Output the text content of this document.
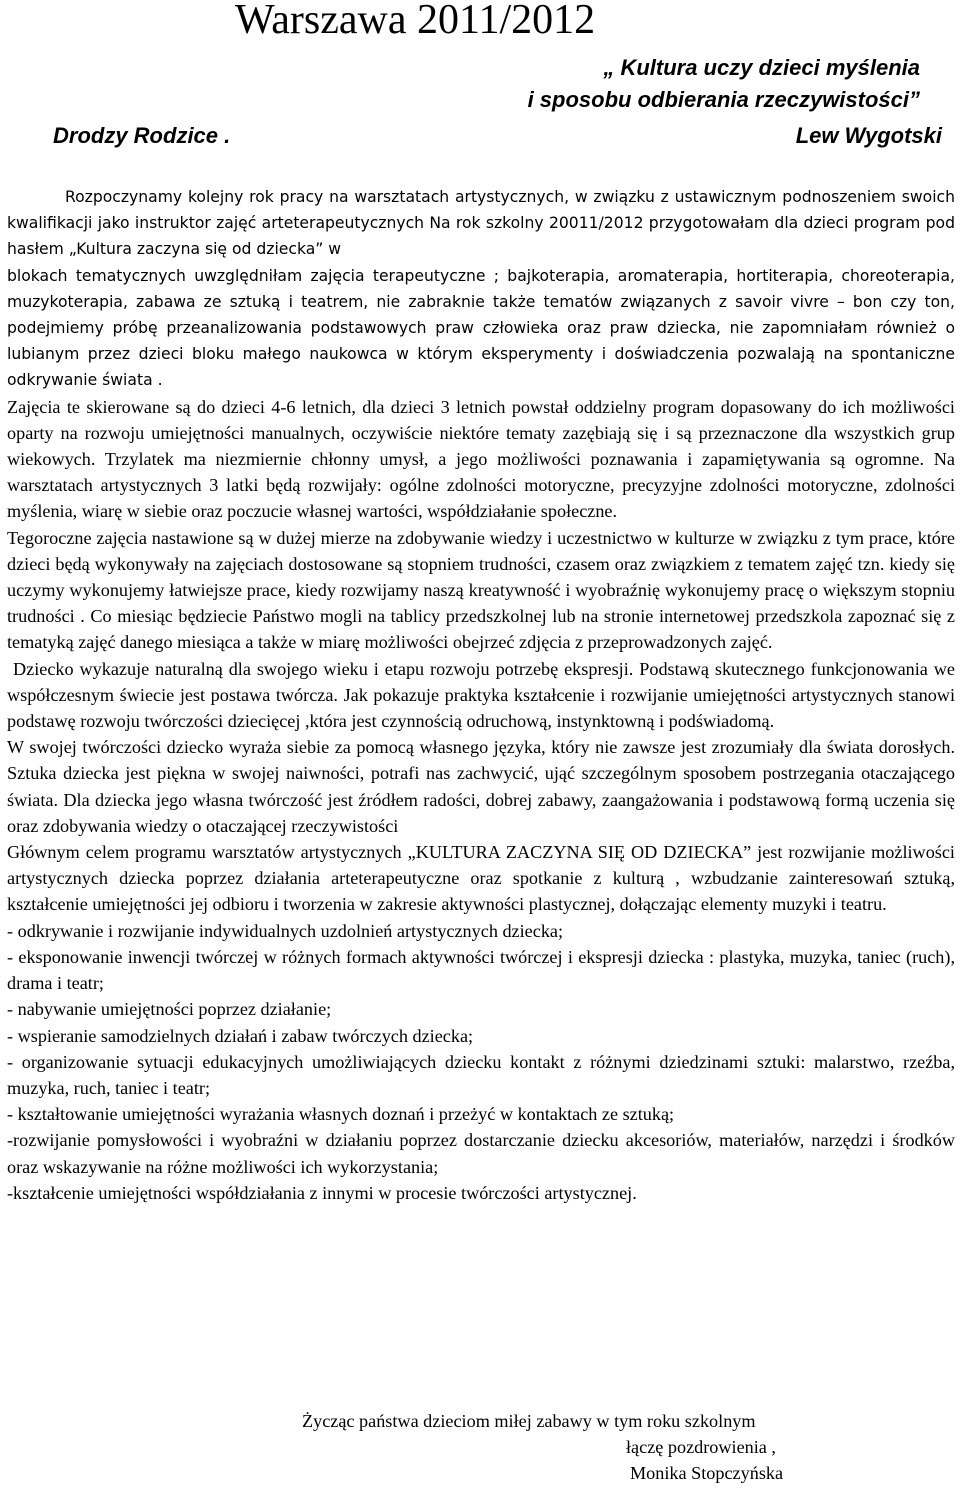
Warszawa 2011/2012
„ Kultura uczy dzieci myślenia
i sposobu odbierania rzeczywistości”
Drodzy Rodzice .	Lew Wygotski

Rozpoczynamy kolejny rok pracy na warsztatach artystycznych, w związku z ustawicznym podnoszeniem swoich kwalifikacji jako instruktor zajęć arteterapeutycznych Na rok szkolny 20011/2012 przygotowałam dla dzieci program pod hasłem „Kultura zaczyna się od dziecka” w

blokach tematycznych uwzględniłam zajęcia terapeutyczne ; bajkoterapia, aromaterapia, hortiterapia, choreoterapia, muzykoterapia, zabawa ze sztuką i teatrem, nie zabraknie także tematów związanych z savoir vivre – bon czy ton, podejmiemy próbę przeanalizowania podstawowych praw człowieka oraz praw dziecka, nie zapomniałam również o lubianym przez dzieci bloku małego naukowca w którym eksperymenty i doświadczenia pozwalają na spontaniczne odkrywanie świata .

Zajęcia te skierowane są do dzieci 4-6 letnich, dla dzieci 3 letnich powstał oddzielny program dopasowany do ich możliwości oparty na rozwoju umiejętności manualnych, oczywiście niektóre tematy zazębiają się i są przeznaczone dla wszystkich grup wiekowych. Trzylatek ma niezmiernie chłonny umysł, a jego możliwości poznawania i zapamiętywania są ogromne. Na warsztatach artystycznych 3 latki będą rozwijały: ogólne zdolności motoryczne, precyzyjne zdolności motoryczne, zdolności myślenia, wiarę w siebie oraz poczucie własnej wartości, współdziałanie społeczne.

Tegoroczne zajęcia nastawione są w dużej mierze na zdobywanie wiedzy i uczestnictwo w kulturze w związku z tym prace, które dzieci będą wykonywały na zajęciach dostosowane są stopniem trudności, czasem oraz związkiem z tematem zajęć tzn. kiedy się uczymy wykonujemy łatwiejsze prace, kiedy rozwijamy naszą kreatywność i wyobraźnię wykonujemy pracę o większym stopniu trudności . Co miesiąc będziecie Państwo mogli na tablicy przedszkolnej lub na stronie internetowej przedszkola zapoznać się z tematyką zajęć danego miesiąca a także w miarę możliwości obejrzeć zdjęcia z przeprowadzonych zajęć.

Dziecko wykazuje naturalną dla swojego wieku i etapu rozwoju potrzebę ekspresji. Podstawą skutecznego funkcjonowania we współczesnym świecie jest postawa twórcza. Jak pokazuje praktyka kształcenie i rozwijanie umiejętności artystycznych stanowi podstawę rozwoju twórczości dziecięcej ,która jest czynnością odruchową, instynktowną i podświadomą.

W swojej twórczości dziecko wyraża siebie za pomocą własnego języka, który nie zawsze jest zrozumiały dla świata dorosłych. Sztuka dziecka jest piękna w swojej naiwności, potrafi nas zachwycić, ująć szczególnym sposobem postrzegania otaczającego świata. Dla dziecka jego własna twórczość jest źródłem radości, dobrej zabawy, zaangażowania i podstawową formą uczenia się oraz zdobywania wiedzy o otaczającej rzeczywistości

Głównym celem programu warsztatów artystycznych „KULTURA ZACZYNA SIĘ OD DZIECKA” jest rozwijanie możliwości artystycznych dziecka poprzez działania arteterapeutyczne oraz spotkanie z kulturą , wzbudzanie zainteresowań sztuką, kształcenie umiejętności jej odbioru i tworzenia w zakresie aktywności plastycznej, dołączając elementy muzyki i teatru.

- odkrywanie i rozwijanie indywidualnych uzdolnień artystycznych dziecka;
- eksponowanie inwencji twórczej w różnych formach aktywności twórczej i ekspresji dziecka : plastyka, muzyka, taniec (ruch), drama i teatr;
- nabywanie umiejętności poprzez działanie;
- wspieranie samodzielnych działań i zabaw twórczych dziecka;
- organizowanie sytuacji edukacyjnych umożliwiających dziecku kontakt z różnymi dziedzinami sztuki: malarstwo, rzeźba, muzyka, ruch, taniec i teatr;
- kształtowanie umiejętności wyrażania własnych doznań i przeżyć w kontaktach ze sztuką;
-rozwijanie pomysłowości i wyobraźni w działaniu poprzez dostarczanie dziecku akcesoriów, materiałów, narzędzi i środków oraz wskazywanie na różne możliwości ich wykorzystania;
-kształcenie umiejętności współdziałania z innymi w procesie twórczości artystycznej.
Życząc państwa dzieciom miłej zabawy w tym roku szkolnym
łączę pozdrowienia ,
Monika Stopczyńska
